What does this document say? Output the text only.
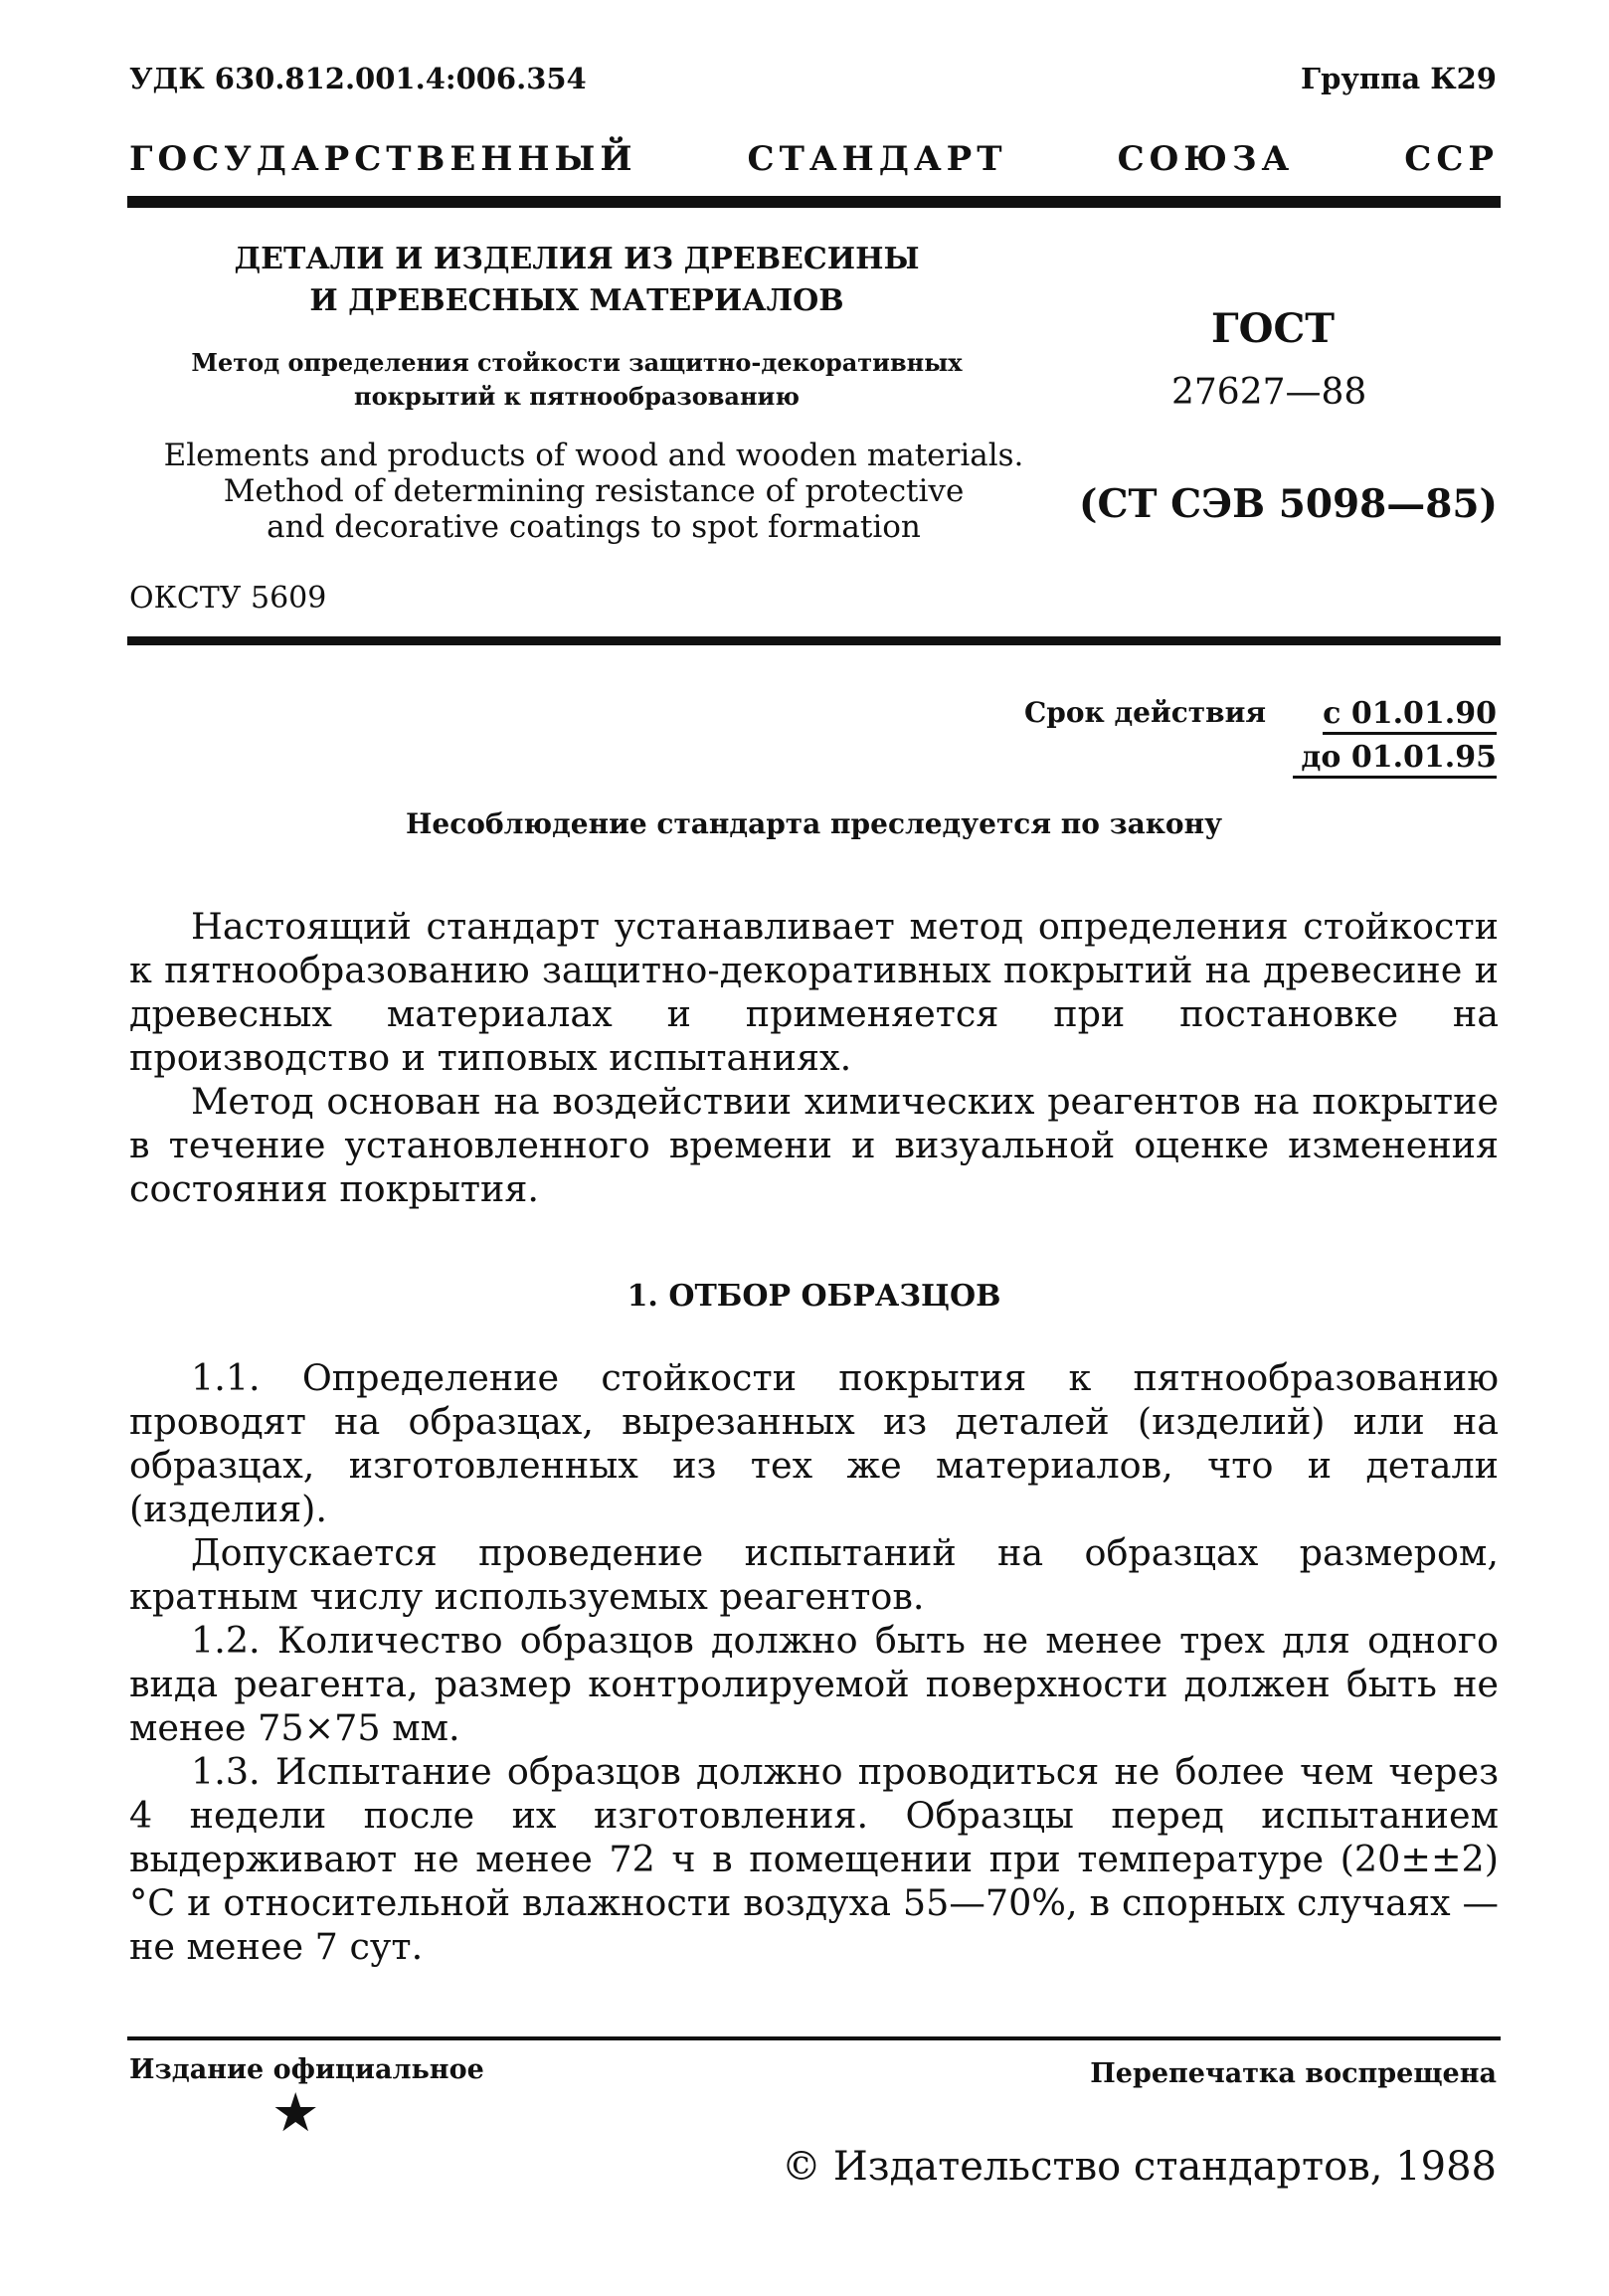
УДК 630.812.001.4:006.354	Группа К29
ГОСУДАРСТВЕННЫЙ СТАНДАРТ СОЮЗА ССР
ДЕТАЛИ И ИЗДЕЛИЯ ИЗ ДРЕВЕСИНЫ
И ДРЕВЕСНЫХ МАТЕРИАЛОВ
Метод определения стойкости защитно-декоративных
покрытий к пятнообразованию
Elements and products of wood and wooden materials.
Method of determining resistance of protective
and decorative coatings to spot formation
ГОСТ
27627—88
(СТ СЭВ 5098—85)
ОКСТУ 5609
Срок действия с 01.01.90
до 01.01.95
Несоблюдение стандарта преследуется по закону

Настоящий стандарт устанавливает метод определения стойкости к пятнообразованию защитно-декоративных покрытий на древесине и древесных материалах и применяется при постановке на производство и типовых испытаниях.

Метод основан на воздействии химических реагентов на покрытие в течение установленного времени и визуальной оценке изменения состояния покрытия.

1. ОТБОР ОБРАЗЦОВ

1.1. Определение стойкости покрытия к пятнообразованию проводят на образцах, вырезанных из деталей (изделий) или на образцах, изготовленных из тех же материалов, что и детали (изделия).

Допускается проведение испытаний на образцах размером, кратным числу используемых реагентов.

1.2. Количество образцов должно быть не менее трех для одного вида реагента, размер контролируемой поверхности должен быть не менее 75×75 мм.

1.3. Испытание образцов должно проводиться не более чем через 4 недели после их изготовления. Образцы перед испытанием выдерживают не менее 72 ч в помещении при температуре (20±±2)°С и относительной влажности воздуха 55—70%, в спорных случаях — не менее 7 сут.

Издание официальное	Перепечатка воспрещена
★
© Издательство стандартов, 1988
